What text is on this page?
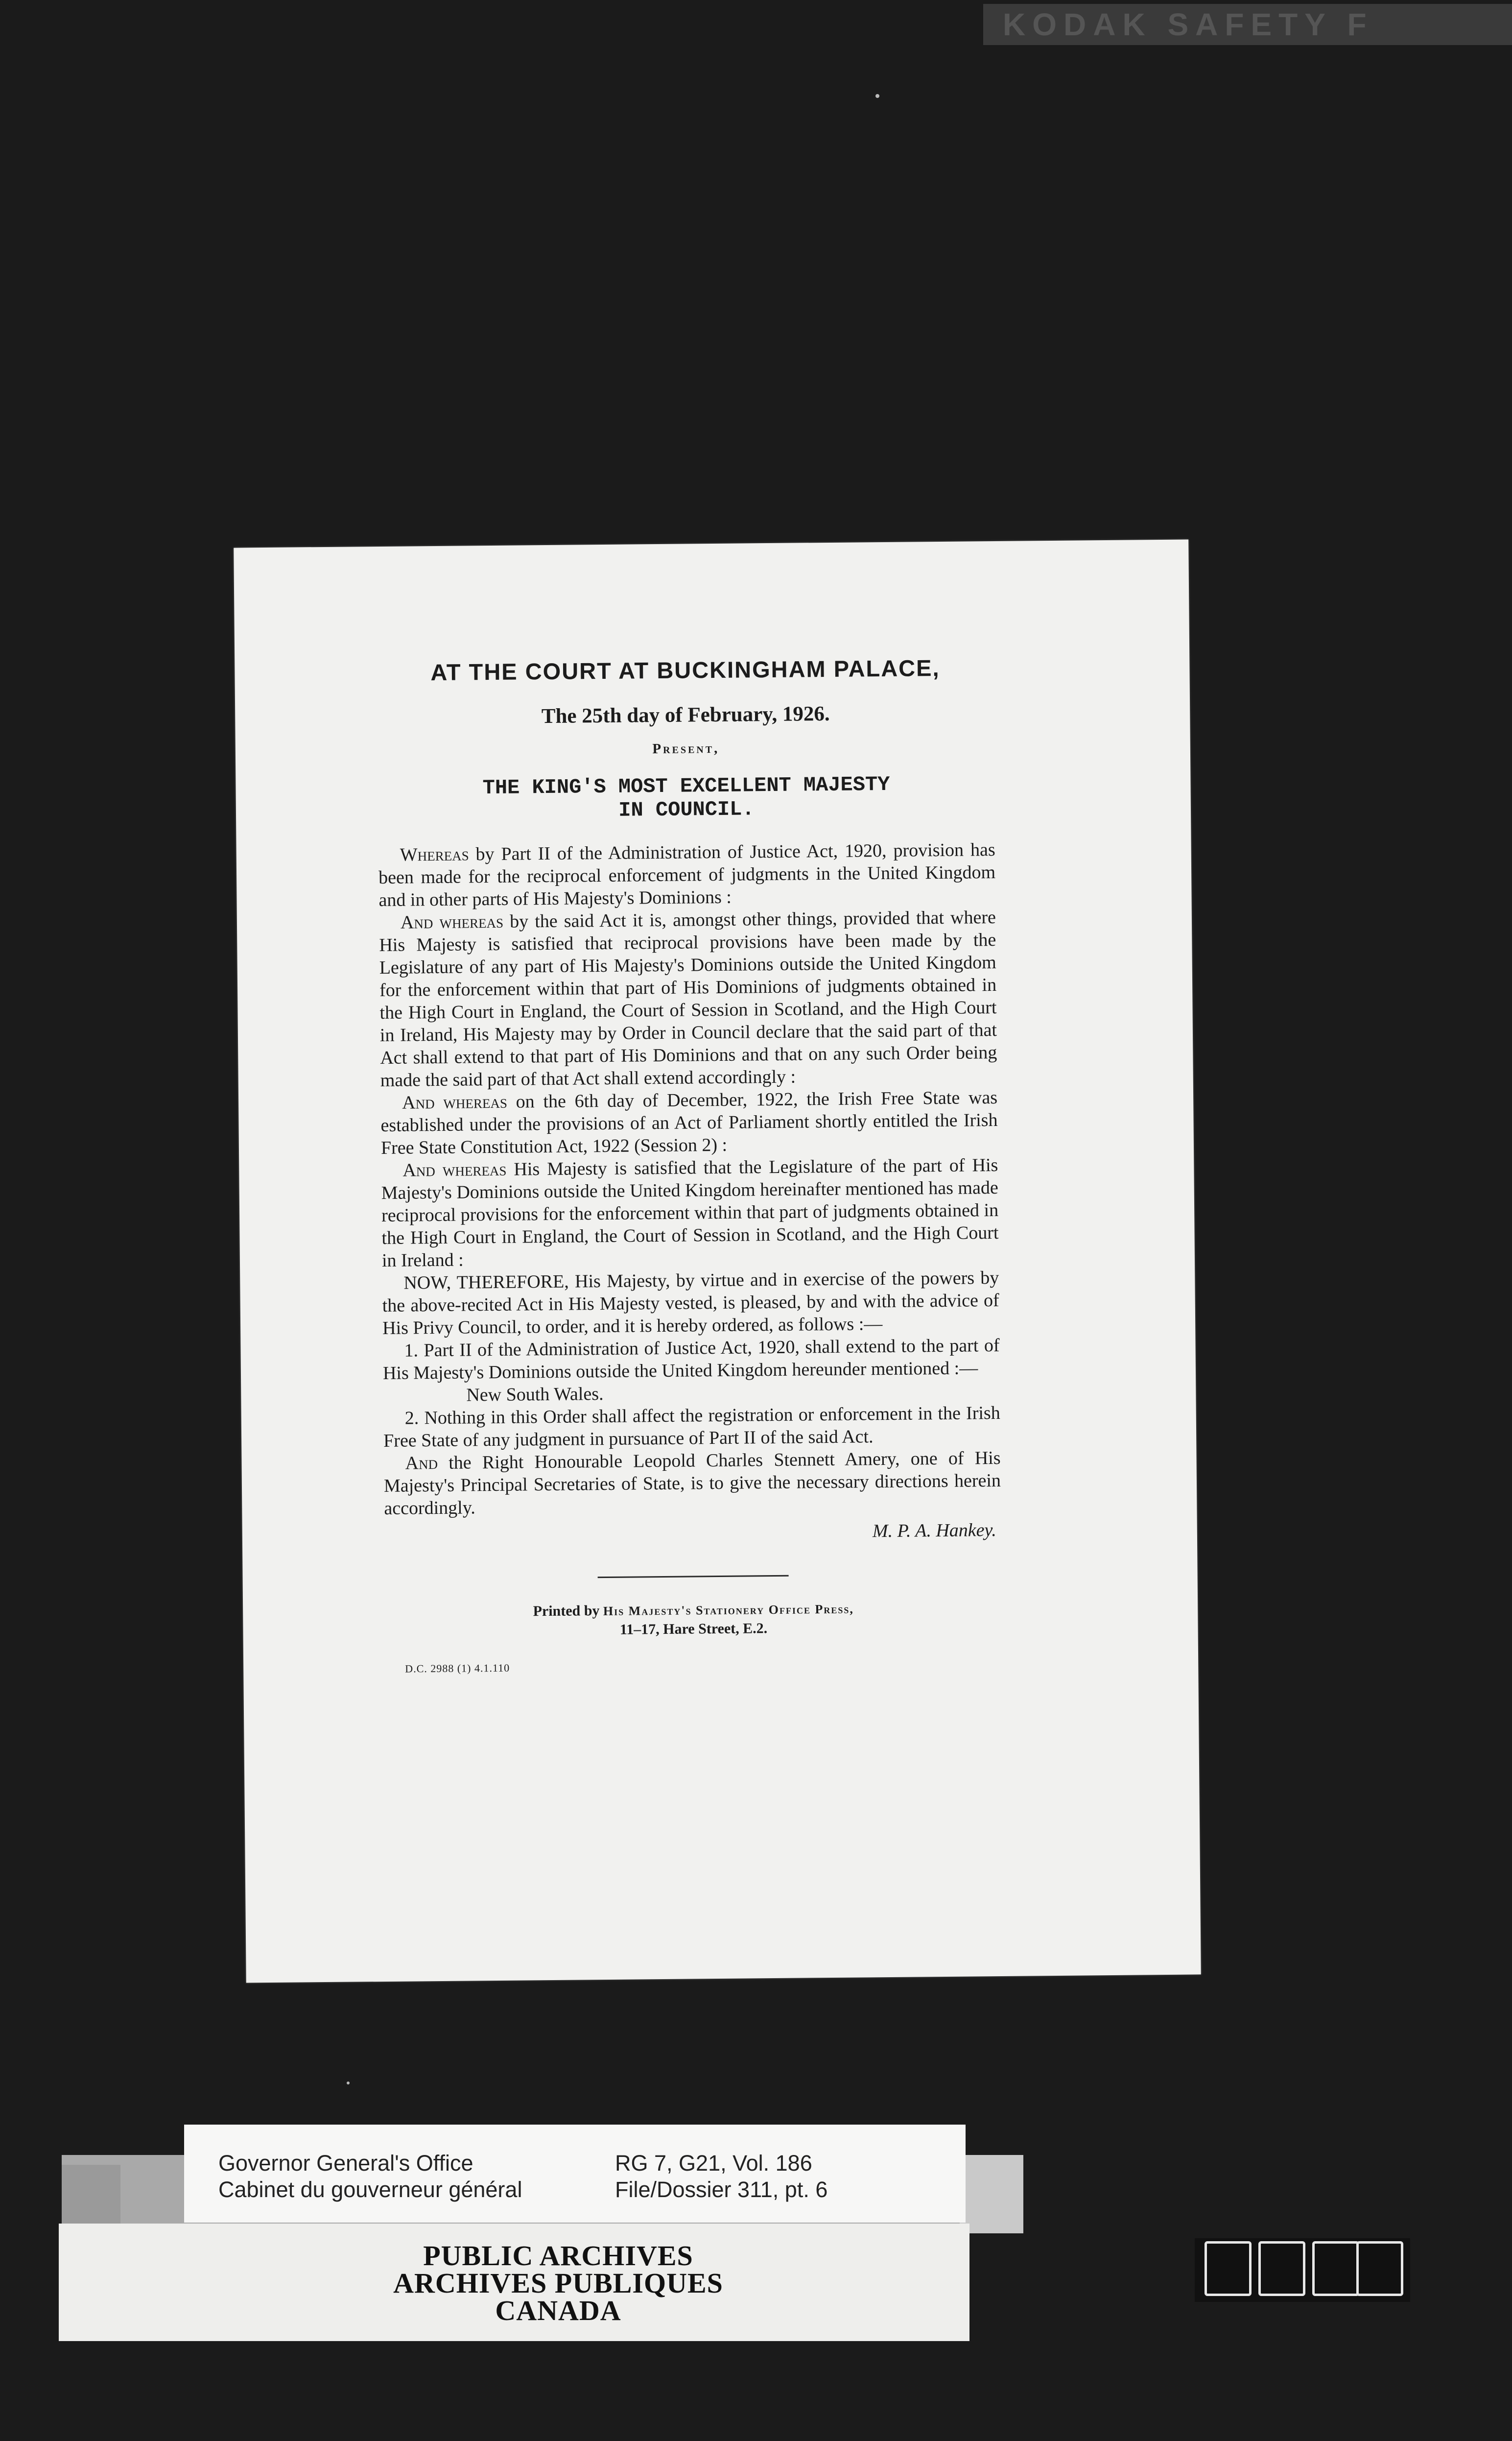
KODAK SAFETY F
AT THE COURT AT BUCKINGHAM PALACE,
The 25th day of February, 1926.
Present,
THE KING'S MOST EXCELLENT MAJESTY
IN COUNCIL.

Whereas by Part II of the Administration of Justice Act, 1920, provision has been made for the reciprocal enforcement of judgments in the United Kingdom and in other parts of His Majesty's Dominions :

And whereas by the said Act it is, amongst other things, provided that where His Majesty is satisfied that reciprocal provisions have been made by the Legislature of any part of His Majesty's Dominions outside the United Kingdom for the enforcement within that part of His Dominions of judgments obtained in the High Court in England, the Court of Session in Scotland, and the High Court in Ireland, His Majesty may by Order in Council declare that the said part of that Act shall extend to that part of His Dominions and that on any such Order being made the said part of that Act shall extend accordingly :

And whereas on the 6th day of December, 1922, the Irish Free State was established under the provisions of an Act of Parliament shortly entitled the Irish Free State Constitution Act, 1922 (Session 2) :

And whereas His Majesty is satisfied that the Legislature of the part of His Majesty's Dominions outside the United Kingdom hereinafter mentioned has made reciprocal provisions for the enforcement within that part of judgments obtained in the High Court in England, the Court of Session in Scotland, and the High Court in Ireland :

NOW, THEREFORE, His Majesty, by virtue and in exercise of the powers by the above-recited Act in His Majesty vested, is pleased, by and with the advice of His Privy Council, to order, and it is hereby ordered, as follows :—

1. Part II of the Administration of Justice Act, 1920, shall extend to the part of His Majesty's Dominions outside the United Kingdom hereunder mentioned :—

New South Wales.

2. Nothing in this Order shall affect the registration or enforcement in the Irish Free State of any judgment in pursuance of Part II of the said Act.

And the Right Honourable Leopold Charles Stennett Amery, one of His Majesty's Principal Secretaries of State, is to give the necessary directions herein accordingly.

M. P. A. Hankey.
Printed by His Majesty's Stationery Office Press,
11–17, Hare Street, E.2.
D.C. 2988 (1) 4.1.110
Governor General's Office
Cabinet du gouverneur général
RG 7, G21, Vol. 186
File/Dossier 311, pt. 6
PUBLIC ARCHIVES
ARCHIVES PUBLIQUES
CANADA
